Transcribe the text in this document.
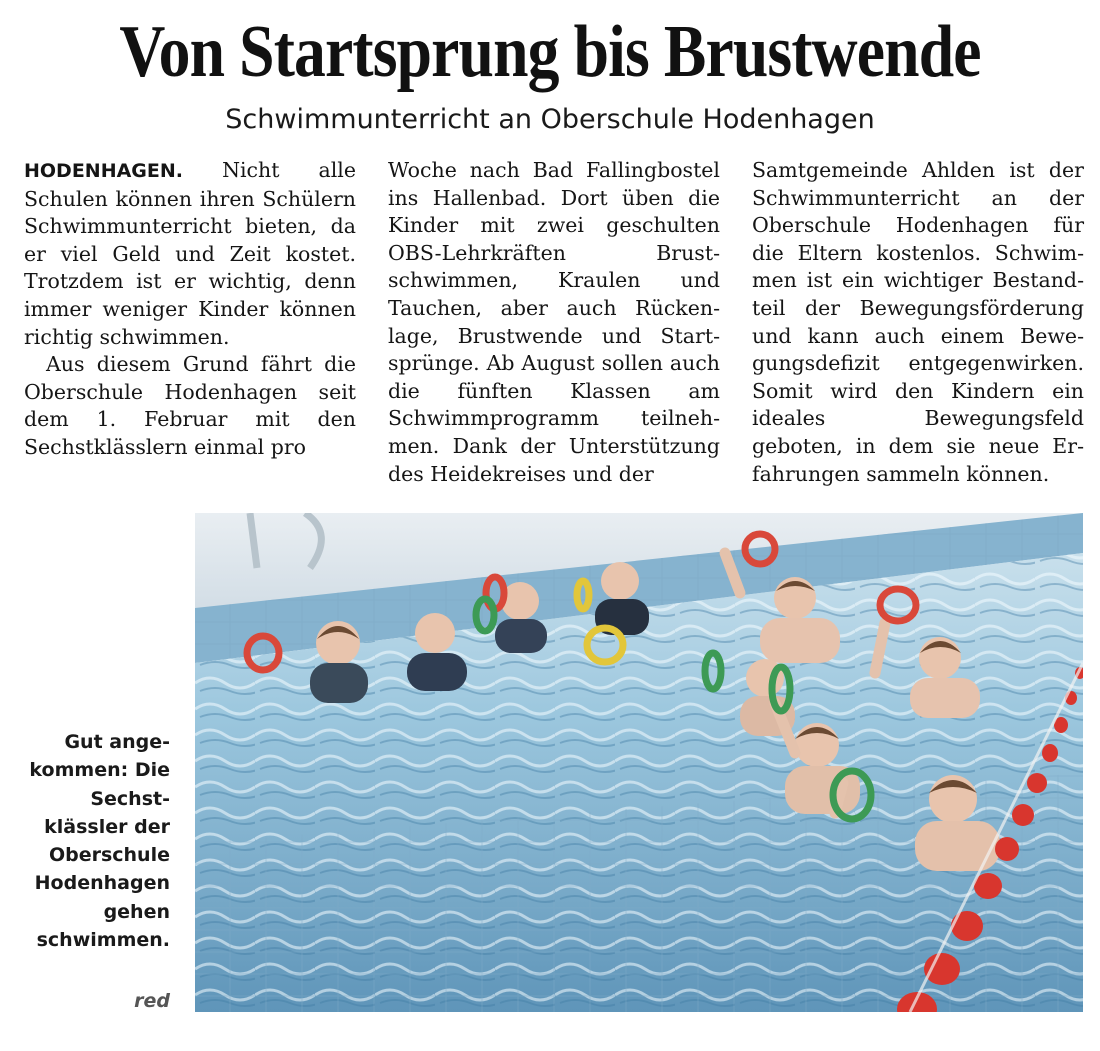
Von Startsprung bis Brustwende
Schwimmunterricht an Oberschule Hodenhagen

HODENHAGEN. Nicht alle Schulen können ihren Schülern Schwimmunterricht bieten, da er viel Geld und Zeit kostet. Trotzdem ist er wichtig, denn immer weniger Kinder können richtig schwimmen.

Aus diesem Grund fährt die Oberschule Hodenhagen seit dem 1. Februar mit den Sechstklässlern einmal pro

Woche nach Bad Fallingbostel ins Hallenbad. Dort üben die Kinder mit zwei geschulten OBS-Lehrkräften Brustschwimmen, Kraulen und Tauchen, aber auch Rückenlage, Brustwende und Startsprünge. Ab August sollen auch die fünften Klassen am Schwimmprogramm teilnehmen. Dank der Unterstützung des Heidekreises und der

Samtgemeinde Ahlden ist der Schwimmunterricht an der Oberschule Hodenhagen für die Eltern kostenlos. Schwimmen ist ein wichtiger Bestandteil der Bewegungsförderung und kann auch einem Bewegungsdefizit entgegenwirken. Somit wird den Kindern ein ideales Bewegungsfeld geboten, in dem sie neue Erfahrungen sammeln können.

Gut angekommen: Die Sechstklässler der Oberschule Hodenhagen gehen schwimmen.
red
